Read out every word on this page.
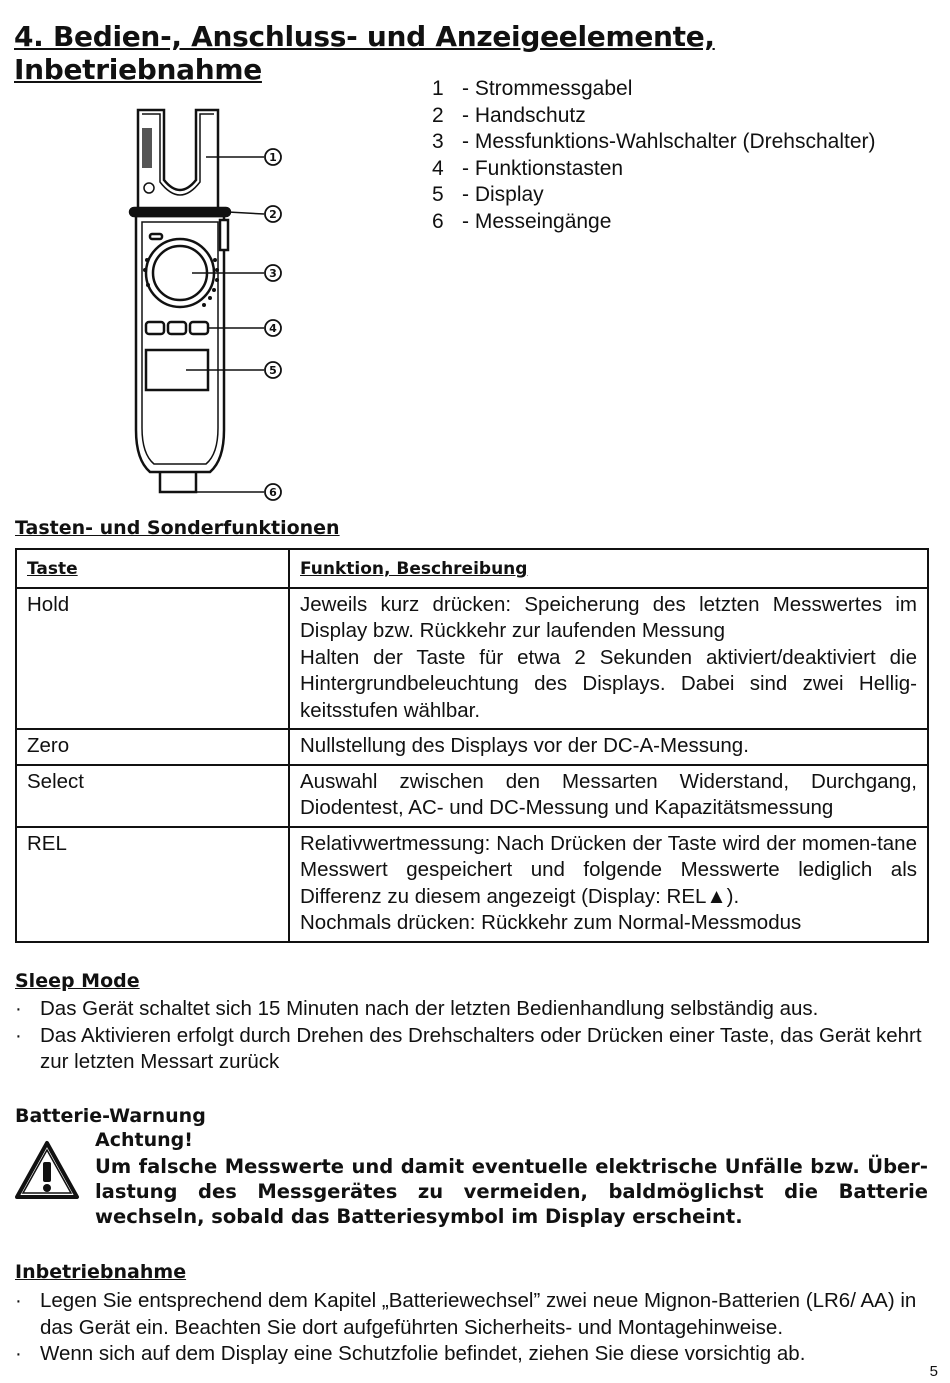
4. Bedien-, Anschluss- und Anzeigeelemente, Inbetriebnahme
1
2
3
4
5
6
1 - Strommessgabel
2 - Handschutz
3 - Messfunktions-Wahlschalter (Drehschalter)
4 - Funktionstasten
5 - Display
6 - Messeingänge
Tasten- und Sonderfunktionen
Taste	Funktion, Beschreibung
Hold	Jeweils kurz drücken: Speicherung des letzten Messwertes im Display bzw. Rückkehr zur laufenden Messung
Halten der Taste für etwa 2 Sekunden aktiviert/deaktiviert die Hintergrundbeleuchtung des Displays. Dabei sind zwei Hellig-keitsstufen wählbar.

Zero	Nullstellung des Displays vor der DC-A-Messung.

Select	Auswahl zwischen den Messarten Widerstand, Durchgang, Diodentest, AC- und DC-Messung und Kapazitätsmessung

REL	Relativwertmessung: Nach Drücken der Taste wird der momen-tane Messwert gespeichert und folgende Messwerte lediglich als Differenz zu diesem angezeigt (Display: REL▲).
Nochmals drücken: Rückkehr zum Normal-Messmodus
Sleep Mode
· Das Gerät schaltet sich 15 Minuten nach der letzten Bedienhandlung selbständig aus.
· Das Aktivieren erfolgt durch Drehen des Drehschalters oder Drücken einer Taste, das Gerät kehrt zur letzten Messart zurück
Batterie-Warnung
Achtung!
Um falsche Messwerte und damit eventuelle elektrische Unfälle bzw. Über-lastung des Messgerätes zu vermeiden, baldmöglichst die Batterie wechseln, sobald das Batteriesymbol im Display erscheint.
Inbetriebnahme
· Legen Sie entsprechend dem Kapitel „Batteriewechsel” zwei neue Mignon-Batterien (LR6/ AA) in das Gerät ein. Beachten Sie dort aufgeführten Sicherheits- und Montagehinweise.
· Wenn sich auf dem Display eine Schutzfolie befindet, ziehen Sie diese vorsichtig ab.
5
